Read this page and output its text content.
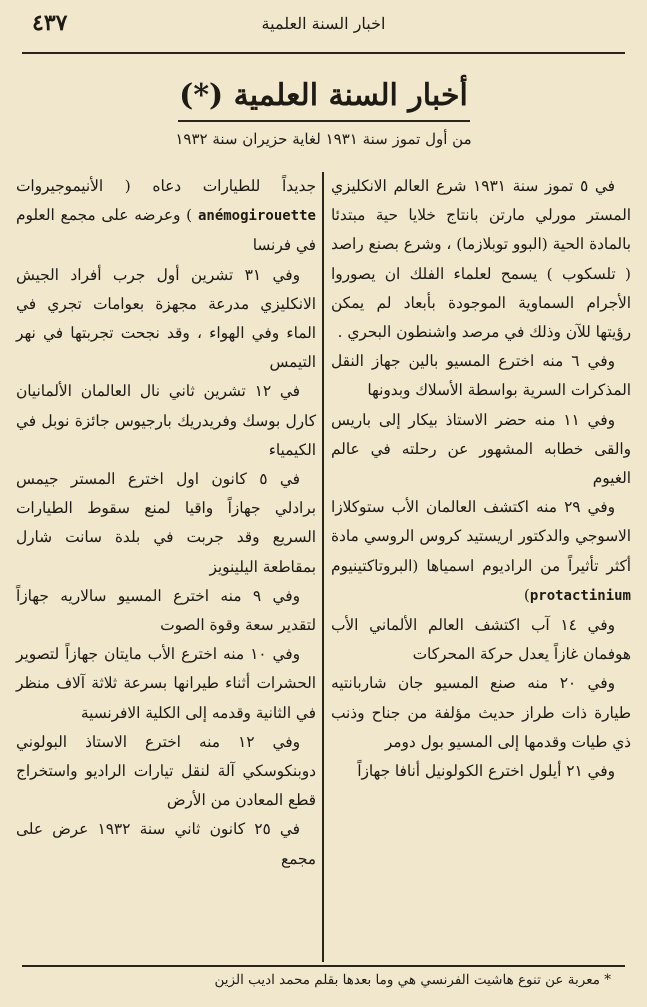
٤٣٧	اخبار السنة العلمية
أخبار السنة العلمية (*)
من أول تموز سنة ١٩٣١ لغاية حزيران سنة ١٩٣٢

في ٥ تموز سنة ١٩٣١ شرع العالم الانكليزي المستر مورلي مارتن بانتاج خلايا حية مبتدئا بالمادة الحية (البوو توبلازما) ، وشرع بصنع راصد ( تلسكوب ) يسمح لعلماء الفلك ان يصوروا الأجرام السماوية الموجودة بأبعاد لم يمكن رؤيتها للآن وذلك في مرصد واشنطون البحري .

وفي ٦ منه اخترع المسيو بالين جهاز النقل المذكرات السرية بواسطة الأسلاك وبدونها

وفي ١١ منه حضر الاستاذ بيكار إلى باريس والقى خطابه المشهور عن رحلته في عالم الغيوم

وفي ٢٩ منه اكتشف العالمان الأب ستوكلازا الاسوجي والدكتور اريستيد كروس الروسي مادة أكثر تأثيراً من الراديوم اسمياها (البروتاكتينيوم protactinium)

وفي ١٤ آب اكتشف العالم الألماني الأب هوفمان غازاً يعدل حركة المحركات

وفي ٢٠ منه صنع المسيو جان شاربانتيه طيارة ذات طراز حديث مؤلفة من جناح وذنب ذي طيات وقدمها إلى المسيو بول دومر

وفي ٢١ أيلول اخترع الكولونيل أنافا جهازاً

جديداً للطيارات دعاه ( الأنيموجيروات anémogirouette ) وعرضه على مجمع العلوم في فرنسا

وفي ٣١ تشرين أول جرب أفراد الجيش الانكليزي مدرعة مجهزة بعوامات تجري في الماء وفي الهواء ، وقد نجحت تجربتها في نهر التيمس

في ١٢ تشرين ثاني نال العالمان الألمانيان كارل بوسك وفريدريك بارجيوس جائزة نوبل في الكيمياء

في ٥ كانون اول اخترع المستر جيمس برادلي جهازاً واقيا لمنع سقوط الطيارات السريع وقد جربت في بلدة سانت شارل بمقاطعة اليلينويز

وفي ٩ منه اخترع المسيو سالاريه جهازاً لتقدير سعة وقوة الصوت

وفي ١٠ منه اخترع الأب مايتان جهازاً لتصوير الحشرات أثناء طيرانها بسرعة ثلاثة آلاف منظر في الثانية وقدمه إلى الكلية الافرنسية

وفي ١٢ منه اخترع الاستاذ البولوني دوبنكوسكي آلة لنقل تيارات الراديو واستخراج قطع المعادن من الأرض

في ٢٥ كانون ثاني سنة ١٩٣٢ عرض على مجمع

* معربة عن تنوع هاشيت الفرنسي هي وما بعدها بقلم محمد اديب الزين
